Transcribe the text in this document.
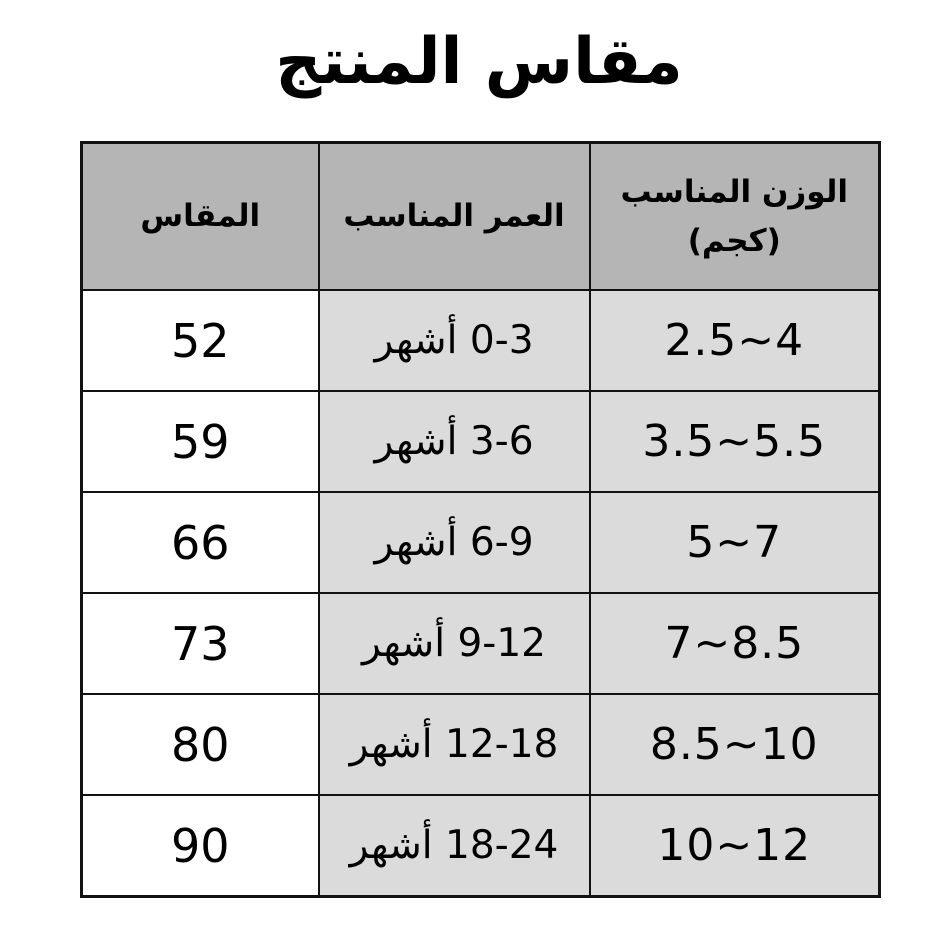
مقاس المنتج
المقاس	العمر المناسب	الوزن المناسب
(كجم)

52	0-3 أشهر	2.5∼4
59	3-6 أشهر	3.5∼5.5
66	6-9 أشهر	5∼7
73	9-12 أشهر	7∼8.5
80	12-18 أشهر	8.5∼10
90	18-24 أشهر	10∼12
